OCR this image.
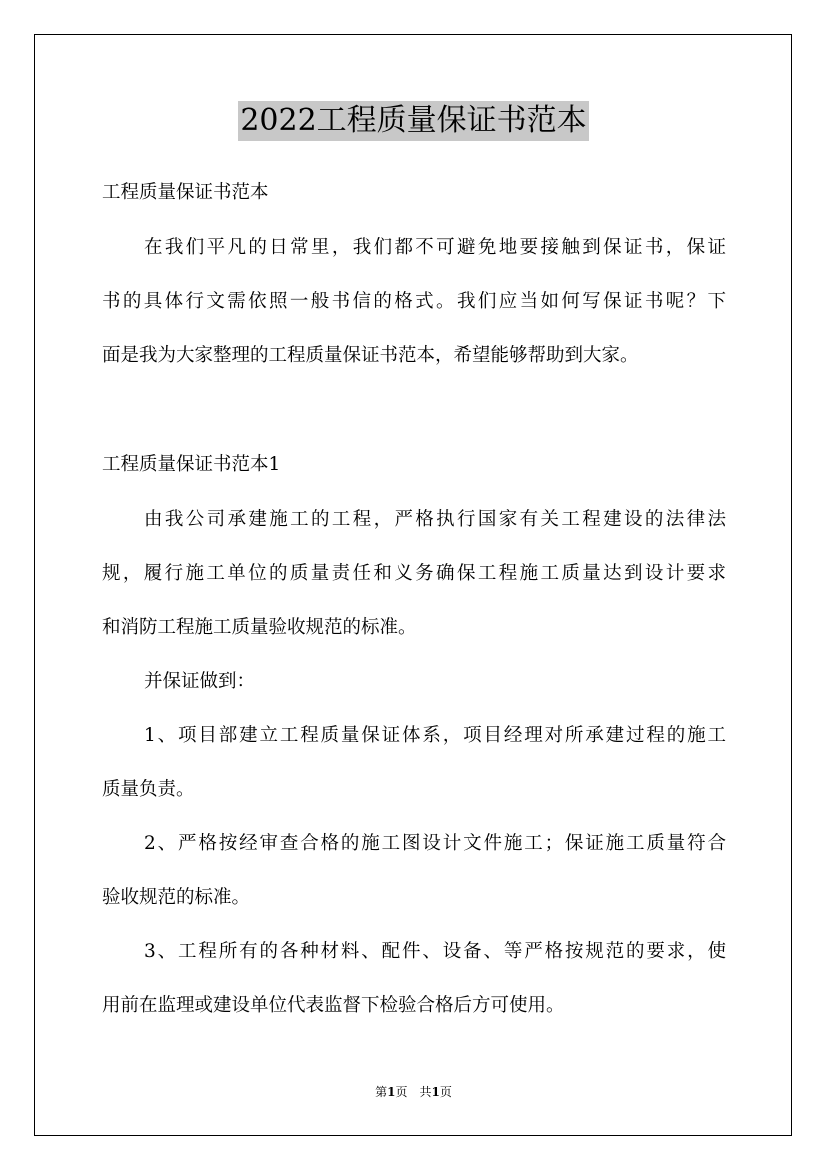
2022工程质量保证书范本

工程质量保证书范本

在我们平凡的日常里，我们都不可避免地要接触到保证书，保证

书的具体行文需依照一般书信的格式。我们应当如何写保证书呢？下

面是我为大家整理的工程质量保证书范本，希望能够帮助到大家。

工程质量保证书范本1

由我公司承建施工的工程，严格执行国家有关工程建设的法律法

规，履行施工单位的质量责任和义务确保工程施工质量达到设计要求

和消防工程施工质量验收规范的标准。

并保证做到：

1、项目部建立工程质量保证体系，项目经理对所承建过程的施工

质量负责。

2、严格按经审查合格的施工图设计文件施工；保证施工质量符合

验收规范的标准。

3、工程所有的各种材料、配件、设备、等严格按规范的要求，使

用前在监理或建设单位代表监督下检验合格后方可使用。

第1页　共1页
